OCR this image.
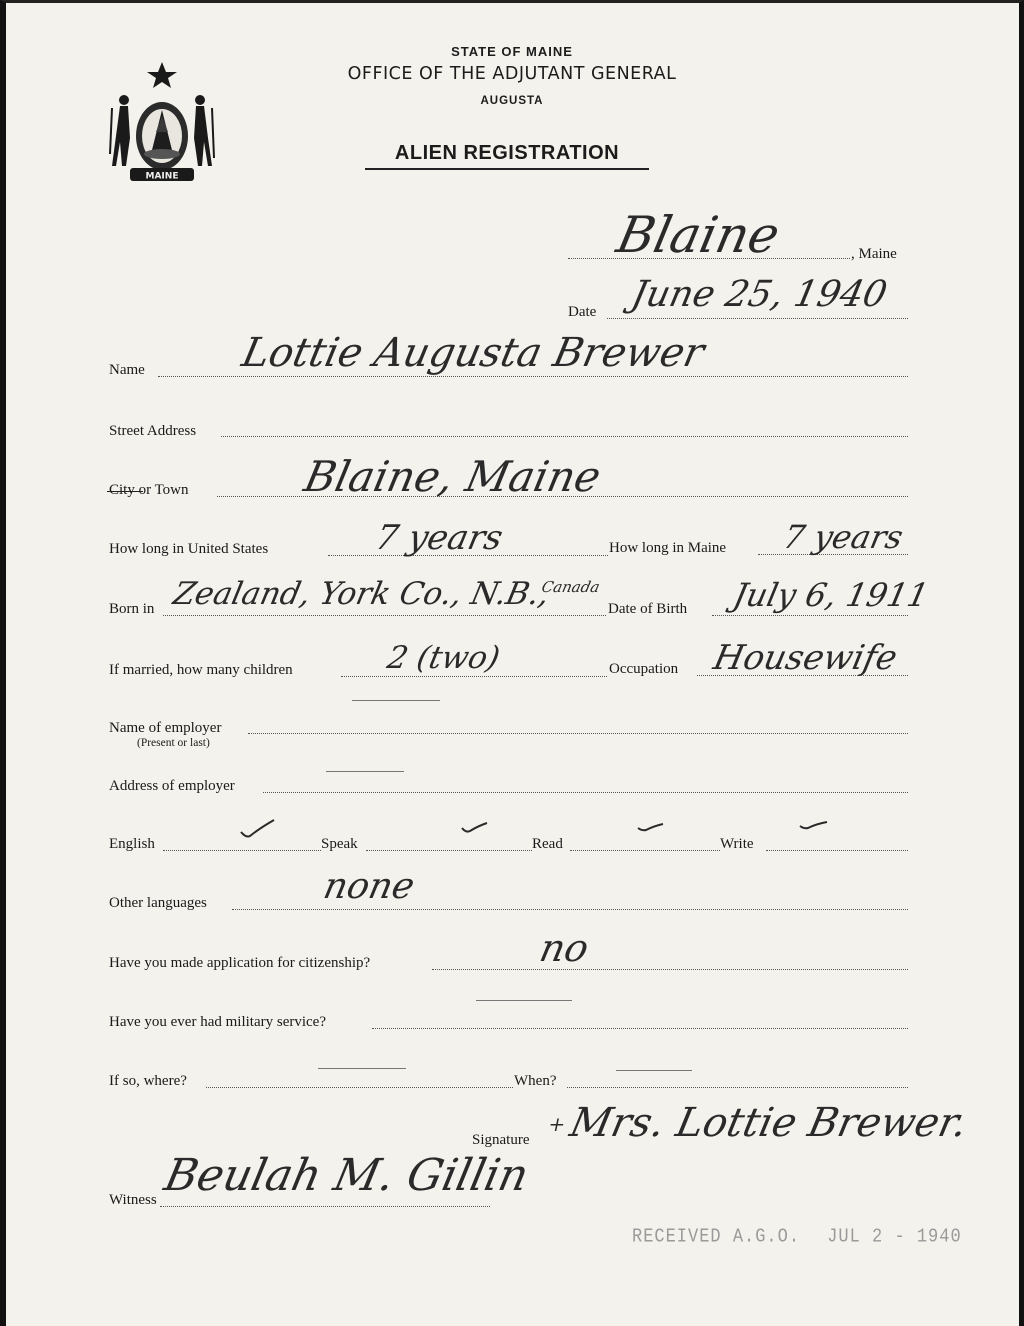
MAINE
STATE OF MAINE
OFFICE OF THE ADJUTANT GENERAL
AUGUSTA
ALIEN REGISTRATION
Blaine	, Maine
Date June 25, 1940
Name Lottie Augusta Brewer
Street Address
City or Town	Blaine, Maine
How long in United States	7 years	How long in Maine 7 years
Born in Zealand, York Co., N.B.,
Canada
Date of Birth July 6, 1911
If married, how many children	2 (two)	Occupation Housewife
Name of employer
(Present or last)
Address of employer
English	Speak	Read	Write
Other languages	none
Have you made application for citizenship?	no
Have you ever had military service?
If so, where?	When?
Signature
+
Mrs. Lottie Brewer.
Witness Beulah M. Gillin
RECEIVED A.G.O. JUL 2 - 1940
